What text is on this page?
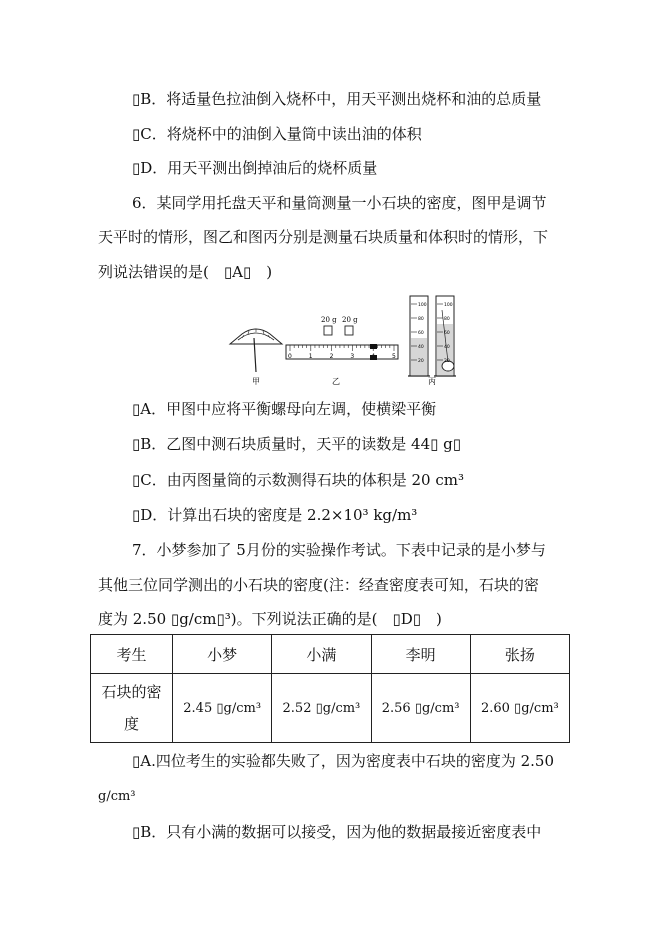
▯B．将适量色拉油倒入烧杯中，用天平测出烧杯和油的总质量
▯C．将烧杯中的油倒入量筒中读出油的体积
▯D．用天平测出倒掉油后的烧杯质量
6．某同学用托盘天平和量筒测量一小石块的密度，图甲是调节
天平时的情形，图乙和图丙分别是测量石块质量和体积时的情形，下
列说法错误的是(　▯A▯　)
甲
0	1	2	3	5
乙
20 g 20 g
100
80
60
40
20
100
80
60
40
20
丙
▯A．甲图中应将平衡螺母向左调，使横梁平衡
▯B．乙图中测石块质量时，天平的读数是 44▯ g▯
▯C．由丙图量筒的示数测得石块的体积是 20 cm³
▯D．计算出石块的密度是 2.2×10³ kg/m³
7．小梦参加了 5月份的实验操作考试。下表中记录的是小梦与
其他三位同学测出的小石块的密度(注：经查密度表可知，石块的密
度为 2.50 ▯g/cm▯³)。下列说法正确的是(　▯D▯　)
考生	小梦	小满	李明	张扬

石块的密
度	2.45 ▯g/cm³	2.52 ▯g/cm³	2.56 ▯g/cm³	2.60 ▯g/cm³
▯A.四位考生的实验都失败了，因为密度表中石块的密度为 2.50
g/cm³
▯B．只有小满的数据可以接受，因为他的数据最接近密度表中
